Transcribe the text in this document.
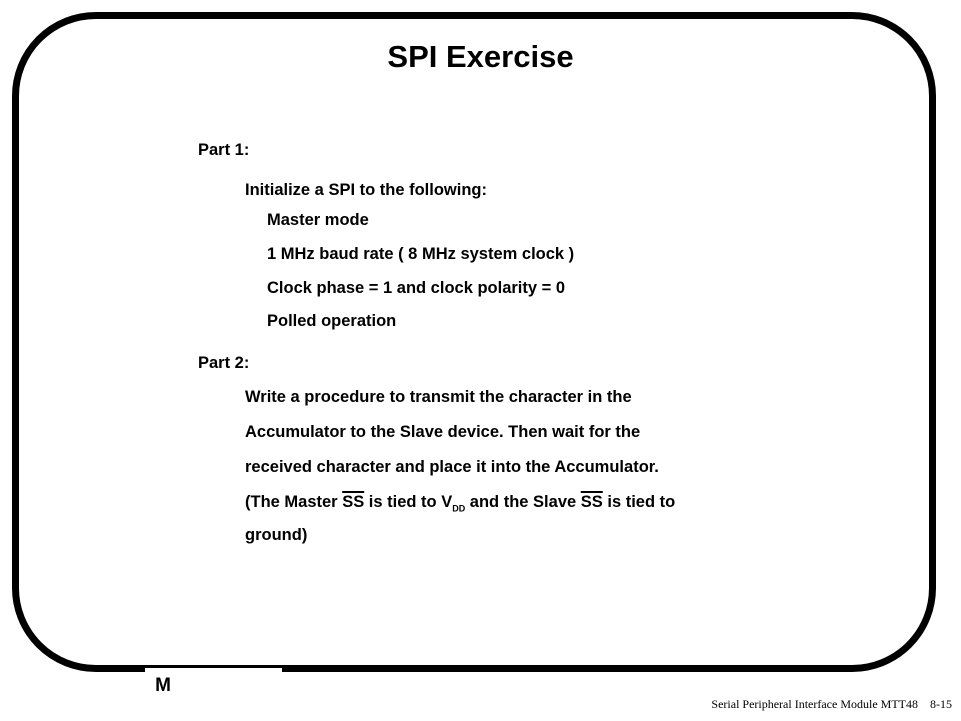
M
SPI Exercise
Part 1:
Initialize a SPI to the following:
Master mode
1 MHz baud rate ( 8 MHz system clock )
Clock phase = 1 and clock polarity = 0
Polled operation
Part 2:
Write a procedure to transmit the character in the
Accumulator to the Slave device. Then wait for the
received character and place it into the Accumulator.
(The Master $\overline{SS}$ is tied to $V_{DD}$ and the Slave $\overline{SS}$ is tied to
ground)
Serial Peripheral Interface Module MTT48 8-15
